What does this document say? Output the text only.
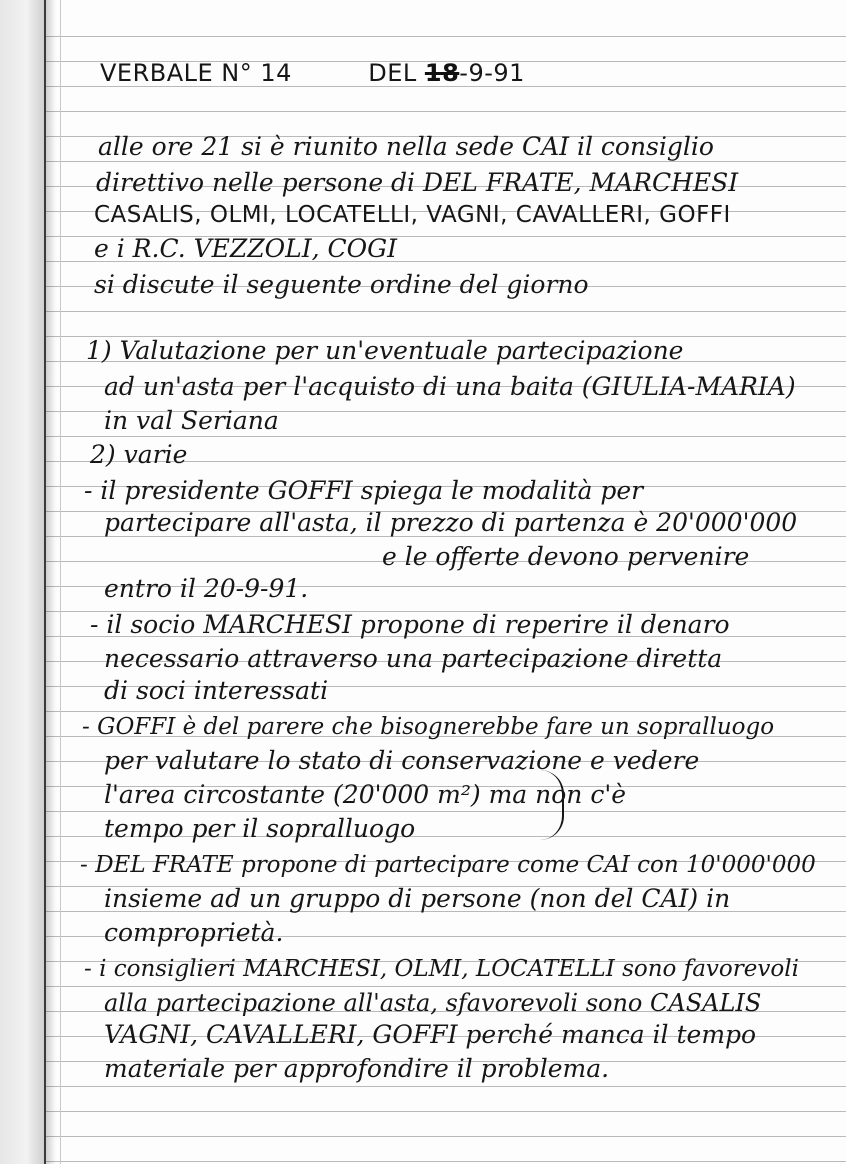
VERBALE N° 14	DEL 18-9-91
alle ore 21 si è riunito nella sede CAI il consiglio
direttivo nelle persone di DEL FRATE, MARCHESI
CASALIS, OLMI, LOCATELLI, VAGNI, CAVALLERI, GOFFI
e i R.C. VEZZOLI, COGI
si discute il seguente ordine del giorno
1) Valutazione per un'eventuale partecipazione
ad un'asta per l'acquisto di una baita (GIULIA-MARIA)
in val Seriana
2) varie
- il presidente GOFFI spiega le modalità per
partecipare all'asta, il prezzo di partenza è 20'000'000
e le offerte devono pervenire
entro il 20-9-91.
- il socio MARCHESI propone di reperire il denaro
necessario attraverso una partecipazione diretta
di soci interessati
- GOFFI è del parere che bisognerebbe fare un sopralluogo
per valutare lo stato di conservazione e vedere
l'area circostante (20'000 m²) ma non c'è
tempo per il sopralluogo
- DEL FRATE propone di partecipare come CAI con 10'000'000
insieme ad un gruppo di persone (non del CAI) in
comproprietà.
- i consiglieri MARCHESI, OLMI, LOCATELLI sono favorevoli
alla partecipazione all'asta, sfavorevoli sono CASALIS
VAGNI, CAVALLERI, GOFFI perché manca il tempo
materiale per approfondire il problema.
